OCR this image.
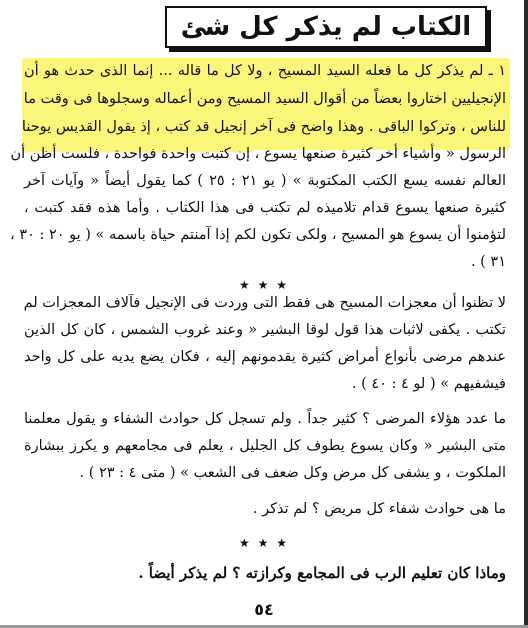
الكتاب لم يذكر كل شئ
١ ـ لم يذكر كل ما فعله السيد المسيح ، ولا كل ما قاله ... إنما الذى حدث هو أن
الإنجيليين اختاروا بعضاً من أقوال السيد المسيح ومن أعماله وسجلوها فى وقت ما
للناس ، وتركوا الباقى . وهذا واضح فى آخر إنجيل قد كتب ، إذ يقول القديس يوحنا
الرسول « وأشياء أخر كثيرة صنعها يسوع ، إن كتبت واحدة فواحدة ، فلست أظن أن
العالم نفسه يسع الكتب المكتوبة » ( يو ٢١ : ٢٥ ) كما يقول أيضاً « وآيات آخر
كثيرة صنعها يسوع قدام تلاميذه لم تكتب فى هذا الكتاب . وأما هذه فقد كتبت ،
لتؤمنوا أن يسوع هو المسيح ، ولكى تكون لكم إذا آمنتم حياة باسمه » ( يو ٢٠ : ٣٠ ،
٣١ ) .
★ ★ ★
لا تظنوا أن معجزات المسيح هى فقط التى وردت فى الإنجيل فآلاف المعجزات لم
تكتب . يكفى لاثبات هذا قول لوقا البشير « وعند غروب الشمس ، كان كل الذين
عندهم مرضى بأنواع أمراض كثيرة يقدمونهم إليه ، فكان يضع يديه على كل واحد
فيشفيهم » ( لو ٤ : ٤٠ ) .
ما عدد هؤلاء المرضى ؟ كثير جداً . ولم تسجل كل حوادث الشفاء و يقول معلمنا
متى البشير « وكان يسوع يطوف كل الجليل ، يعلم فى مجامعهم و يكرز ببشارة
الملكوت ، و يشفى كل مرض وكل ضعف فى الشعب » ( متى ٤ : ٢٣ ) .
ما هى حوادث شفاء كل مريض ؟ لم تذكر .
★ ★ ★
وماذا كان تعليم الرب فى المجامع وكرازته ؟ لم يذكر أيضاً .
٥٤
